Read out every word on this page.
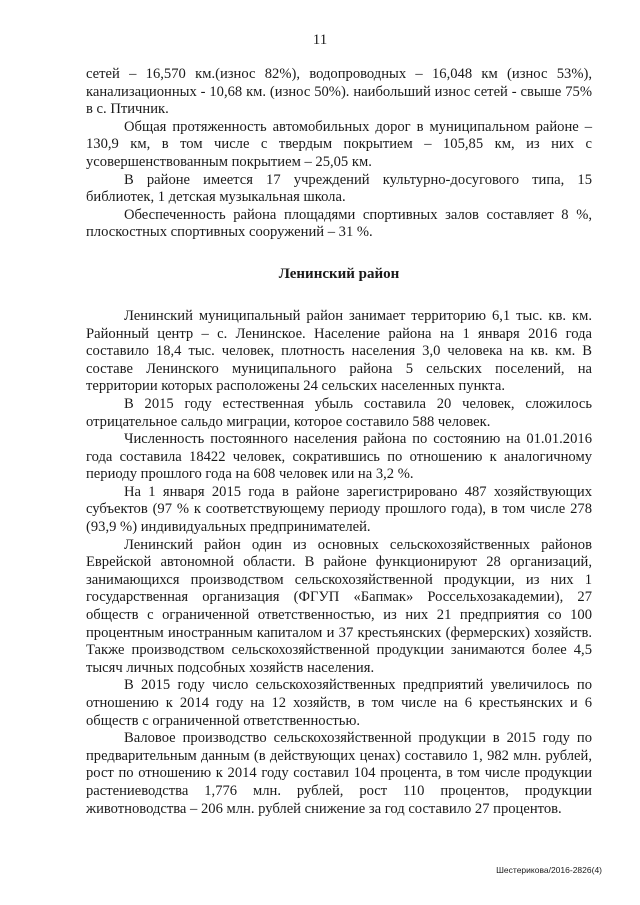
11

сетей – 16,570 км.(износ 82%), водопроводных – 16,048 км (износ 53%), канализационных - 10,68 км. (износ 50%). наибольший износ сетей - свыше 75% в с. Птичник.

Общая протяженность автомобильных дорог в муниципальном районе – 130,9 км, в том числе с твердым покрытием – 105,85 км, из них с усовершенствованным покрытием – 25,05 км.

В районе имеется 17 учреждений культурно-досугового типа, 15 библиотек, 1 детская музыкальная школа.

Обеспеченность района площадями спортивных залов составляет 8 %, плоскостных спортивных сооружений – 31 %.

Ленинский район

Ленинский муниципальный район занимает территорию 6,1 тыс. кв. км. Районный центр – с. Ленинское. Население района на 1 января 2016 года составило 18,4 тыс. человек, плотность населения 3,0 человека на кв. км. В составе Ленинского муниципального района 5 сельских поселений, на территории которых расположены 24 сельских населенных пункта.

В 2015 году естественная убыль составила 20 человек, сложилось отрицательное сальдо миграции, которое составило 588 человек.

Численность постоянного населения района по состоянию на 01.01.2016 года составила 18422 человек, сократившись по отношению к аналогичному периоду прошлого года на 608 человек или на 3,2 %.

На 1 января 2015 года в районе зарегистрировано 487 хозяйствующих субъектов (97 % к соответствующему периоду прошлого года), в том числе 278 (93,9 %) индивидуальных предпринимателей.

Ленинский район один из основных сельскохозяйственных районов Еврейской автономной области. В районе функционируют 28 организаций, занимающихся производством сельскохозяйственной продукции, из них 1 государственная организация (ФГУП «Бапмак» Россельхозакадемии), 27 обществ с ограниченной ответственностью, из них 21 предприятия со 100 процентным иностранным капиталом и 37 крестьянских (фермерских) хозяйств. Также производством сельскохозяйственной продукции занимаются более 4,5 тысяч личных подсобных хозяйств населения.

В 2015 году число сельскохозяйственных предприятий увеличилось по отношению к 2014 году на 12 хозяйств, в том числе на 6 крестьянских и 6 обществ с ограниченной ответственностью.

Валовое производство сельскохозяйственной продукции в 2015 году по предварительным данным (в действующих ценах) составило 1, 982 млн. рублей, рост по отношению к 2014 году составил 104 процента, в том числе продукции растениеводства 1,776 млн. рублей, рост 110 процентов, продукции животноводства – 206 млн. рублей снижение за год составило 27 процентов.

Шестерикова/2016-2826(4)
